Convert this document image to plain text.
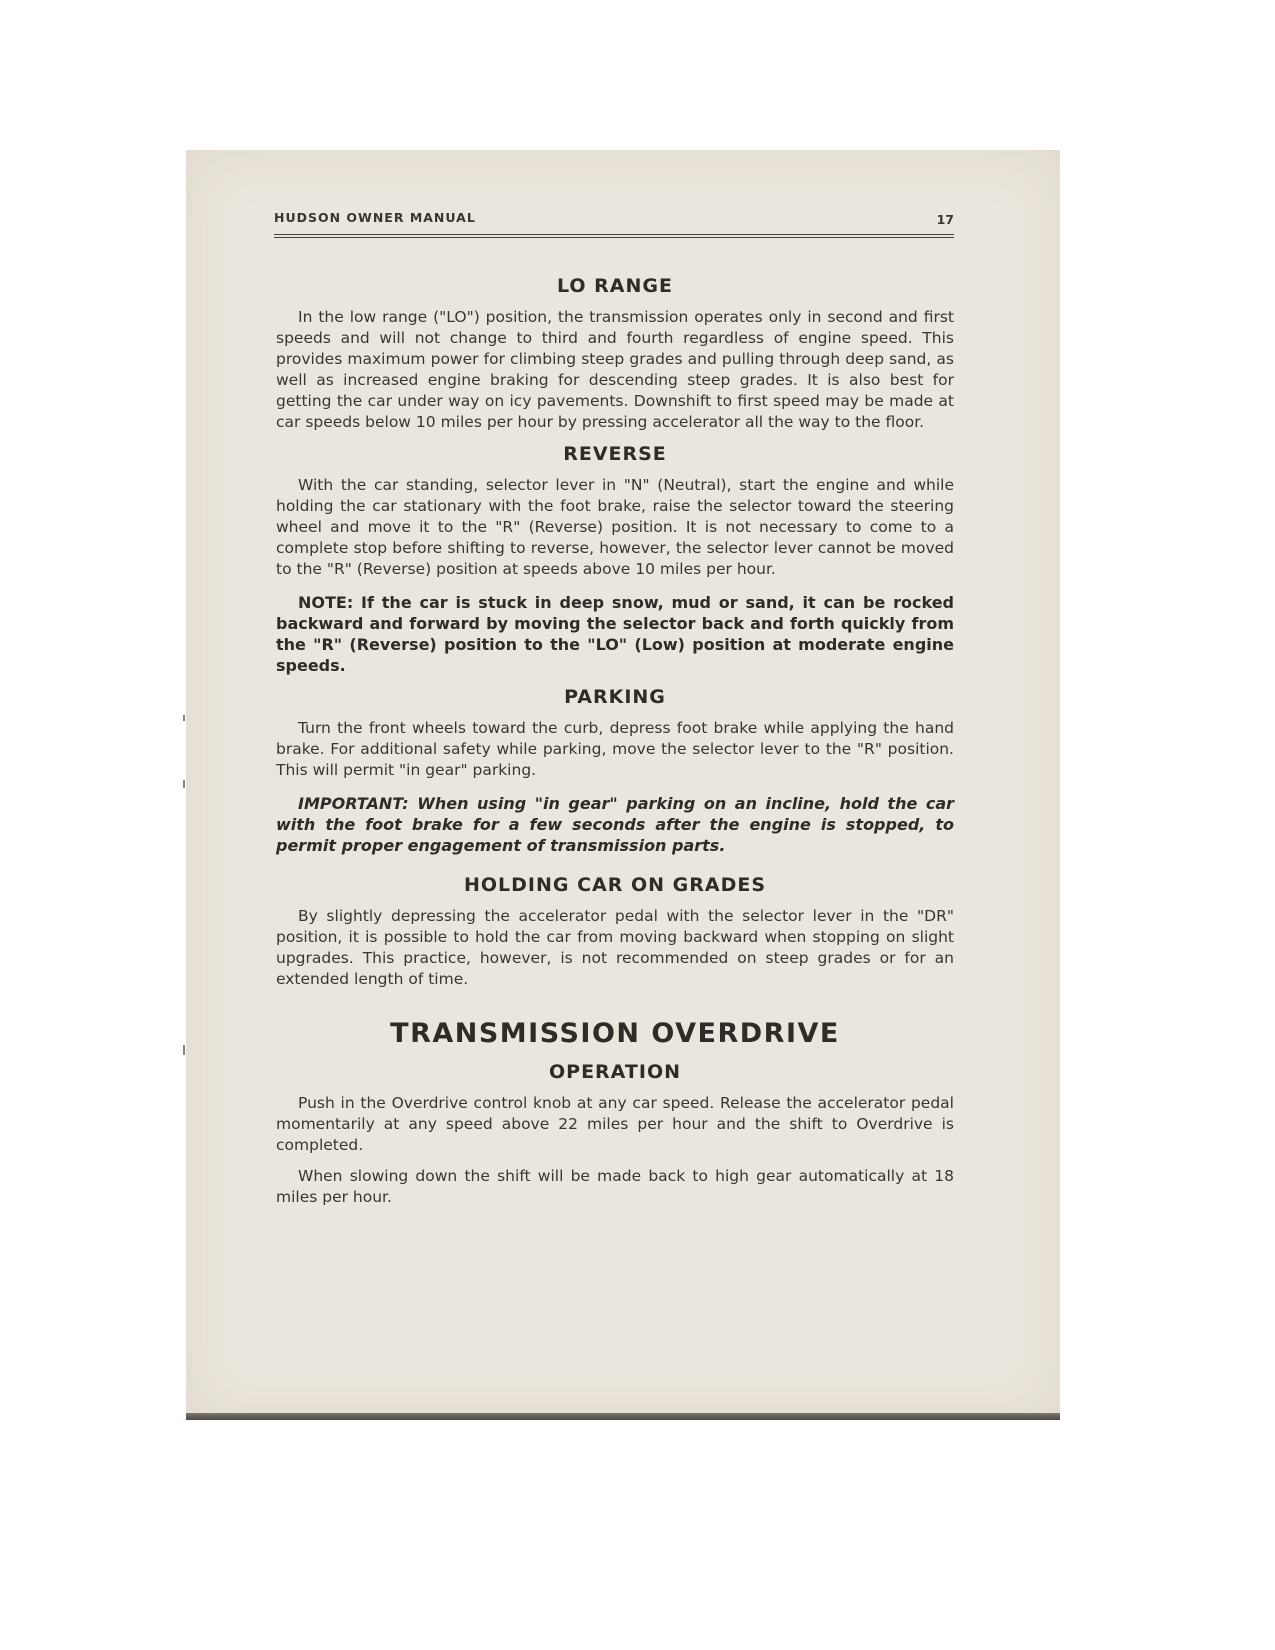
HUDSON OWNER MANUAL	17
LO RANGE

In the low range ("LO") position, the transmission operates only in second and first speeds and will not change to third and fourth regardless of engine speed. This provides maximum power for climbing steep grades and pulling through deep sand, as well as increased engine braking for descending steep grades. It is also best for getting the car under way on icy pavements. Downshift to first speed may be made at car speeds below 10 miles per hour by pressing accelerator all the way to the floor.

REVERSE

With the car standing, selector lever in "N" (Neutral), start the engine and while holding the car stationary with the foot brake, raise the selector toward the steering wheel and move it to the "R" (Reverse) position. It is not necessary to come to a complete stop before shifting to reverse, however, the selector lever cannot be moved to the "R" (Reverse) position at speeds above 10 miles per hour.

NOTE: If the car is stuck in deep snow, mud or sand, it can be rocked backward and forward by moving the selector back and forth quickly from the "R" (Reverse) position to the "LO" (Low) position at moderate engine speeds.

PARKING

Turn the front wheels toward the curb, depress foot brake while applying the hand brake. For additional safety while parking, move the selector lever to the "R" position. This will permit "in gear" parking.

IMPORTANT: When using "in gear" parking on an incline, hold the car with the foot brake for a few seconds after the engine is stopped, to permit proper engagement of transmission parts.

HOLDING CAR ON GRADES

By slightly depressing the accelerator pedal with the selector lever in the "DR" position, it is possible to hold the car from moving backward when stopping on slight upgrades. This practice, however, is not recommended on steep grades or for an extended length of time.

TRANSMISSION OVERDRIVE
OPERATION

Push in the Overdrive control knob at any car speed. Release the accelerator pedal momentarily at any speed above 22 miles per hour and the shift to Overdrive is completed.

When slowing down the shift will be made back to high gear automatically at 18 miles per hour.
